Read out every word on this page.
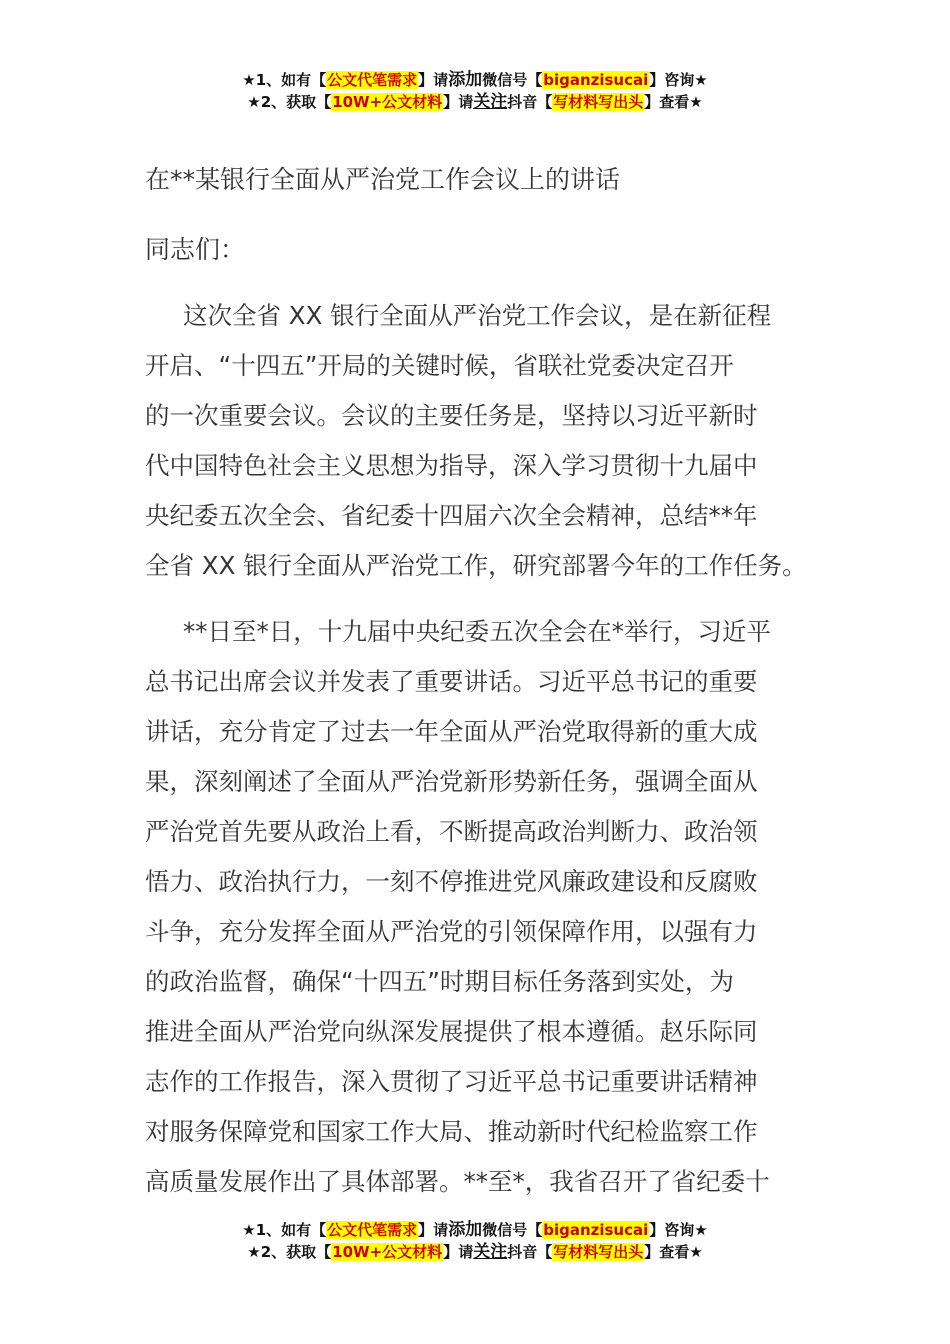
★1、如有【公文代笔需求】请添加微信号【biganzisucai】咨询★
★2、获取【10W+公文材料】请关注抖音【写材料写出头】查看★
在**某银行全面从严治党工作会议上的讲话
同志们：
这次全省 XX 银行全面从严治党工作会议，是在新征程
开启、“十四五”开局的关键时候，省联社党委决定召开
的一次重要会议。会议的主要任务是，坚持以习近平新时
代中国特色社会主义思想为指导，深入学习贯彻十九届中
央纪委五次全会、省纪委十四届六次全会精神，总结**年
全省 XX 银行全面从严治党工作，研究部署今年的工作任务。
**日至*日，十九届中央纪委五次全会在*举行，习近平
总书记出席会议并发表了重要讲话。习近平总书记的重要
讲话，充分肯定了过去一年全面从严治党取得新的重大成
果，深刻阐述了全面从严治党新形势新任务，强调全面从
严治党首先要从政治上看，不断提高政治判断力、政治领
悟力、政治执行力，一刻不停推进党风廉政建设和反腐败
斗争，充分发挥全面从严治党的引领保障作用，以强有力
的政治监督，确保“十四五”时期目标任务落到实处，为
推进全面从严治党向纵深发展提供了根本遵循。赵乐际同
志作的工作报告，深入贯彻了习近平总书记重要讲话精神
对服务保障党和国家工作大局、推动新时代纪检监察工作
高质量发展作出了具体部署。**至*，我省召开了省纪委十
★1、如有【公文代笔需求】请添加微信号【biganzisucai】咨询★
★2、获取【10W+公文材料】请关注抖音【写材料写出头】查看★
